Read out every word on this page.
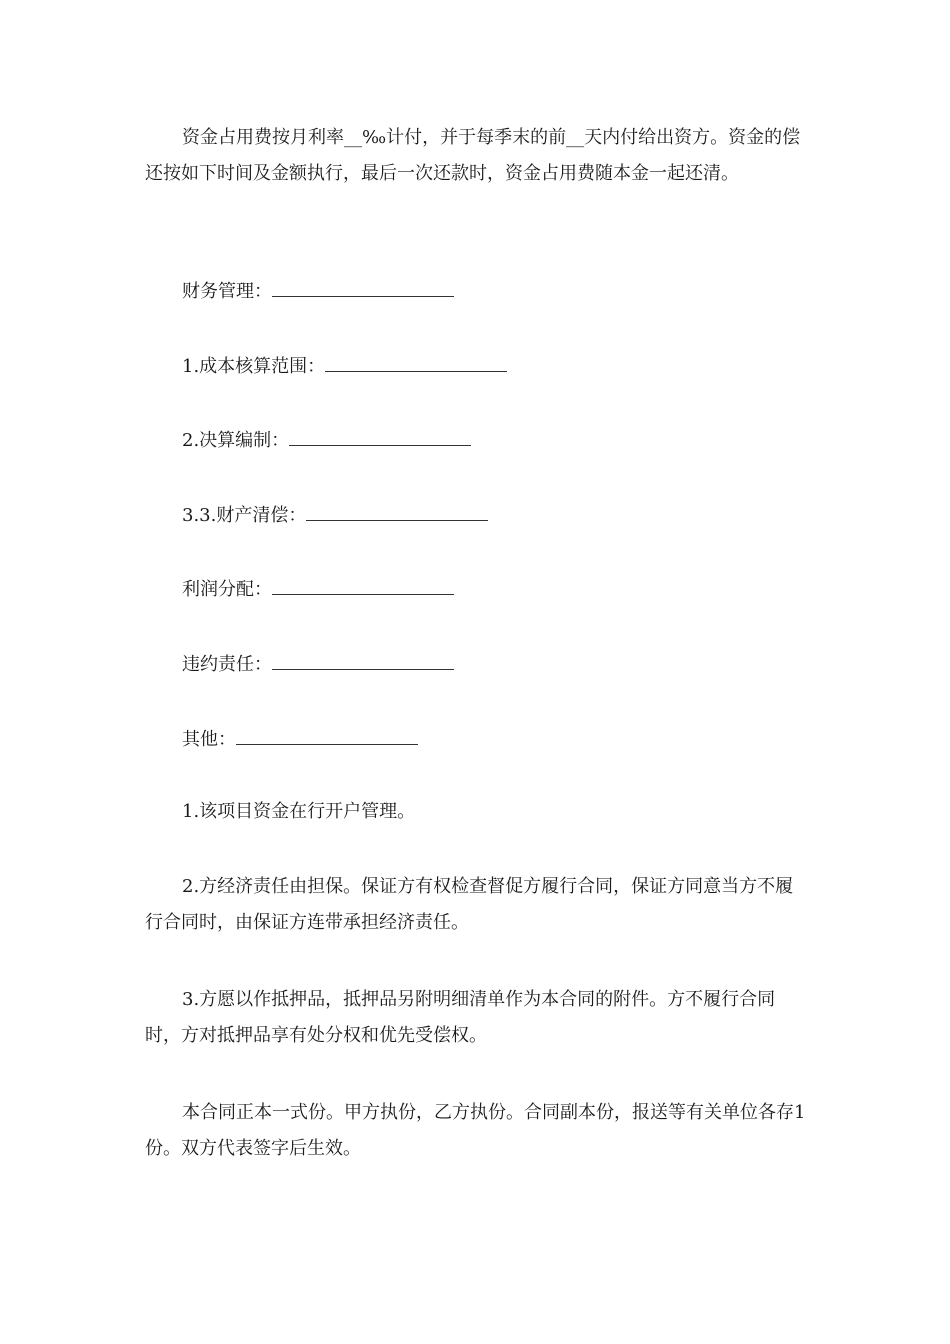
资金占用费按月利率__‰计付，并于每季末的前__天内付给出资方。资金的偿还按如下时间及金额执行，最后一次还款时，资金占用费随本金一起还清。

财务管理：
1.成本核算范围：
2.决算编制：
3.3.财产清偿：
利润分配：
违约责任：
其他：

1.该项目资金在行开户管理。

2.方经济责任由担保。保证方有权检查督促方履行合同，保证方同意当方不履行合同时，由保证方连带承担经济责任。

3.方愿以作抵押品，抵押品另附明细清单作为本合同的附件。方不履行合同时，方对抵押品享有处分权和优先受偿权。

本合同正本一式份。甲方执份，乙方执份。合同副本份，报送等有关单位各存1份。双方代表签字后生效。
